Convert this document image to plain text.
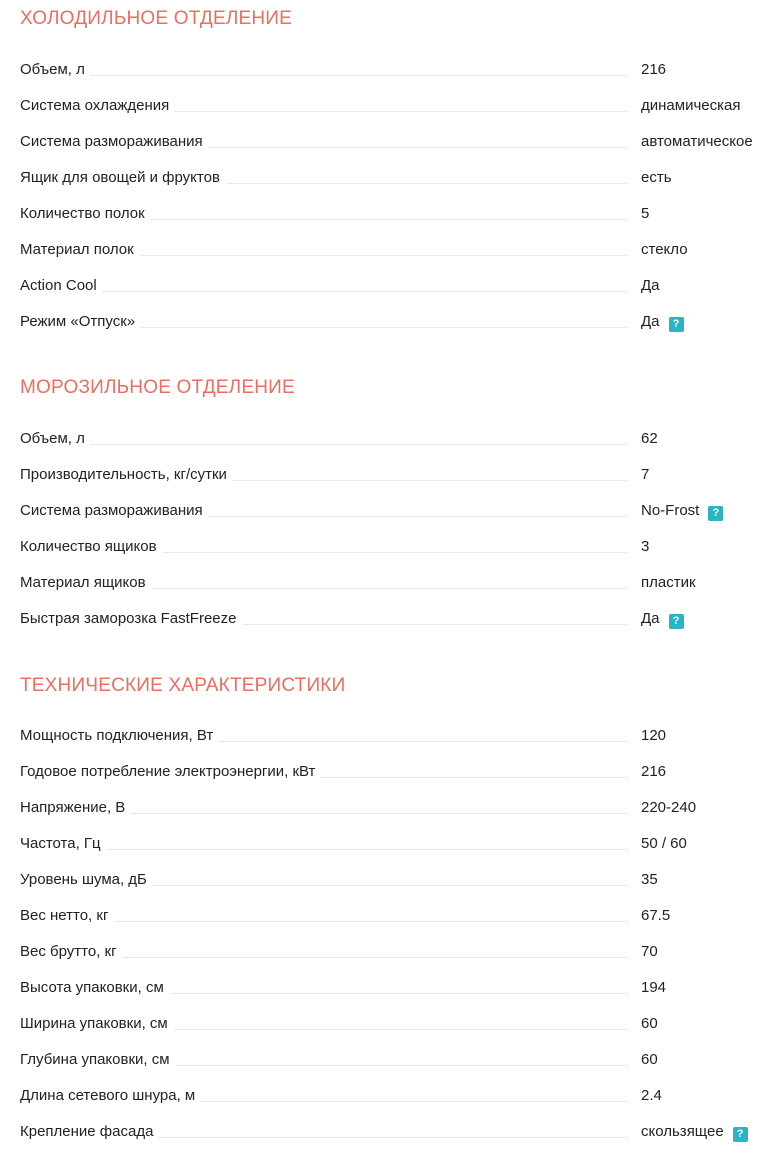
ХОЛОДИЛЬНОЕ ОТДЕЛЕНИЕ
Объем, л	216
Система охлаждения	динамическая
Система размораживания	автоматическое
Ящик для овощей и фруктов	есть
Количество полок	5
Материал полок	стекло
Action Cool	Да
Режим «Отпуск»	Да ?
МОРОЗИЛЬНОЕ ОТДЕЛЕНИЕ
Объем, л	62
Производительность, кг/сутки	7
Система размораживания	No-Frost ?
Количество ящиков	3
Материал ящиков	пластик
Быстрая заморозка FastFreeze	Да ?
ТЕХНИЧЕСКИЕ ХАРАКТЕРИСТИКИ
Мощность подключения, Вт	120
Годовое потребление электроэнергии, кВт	216
Напряжение, В	220-240
Частота, Гц	50 / 60
Уровень шума, дБ	35
Вес нетто, кг	67.5
Вес брутто, кг	70
Высота упаковки, см	194
Ширина упаковки, см	60
Глубина упаковки, см	60
Длина сетевого шнура, м	2.4
Крепление фасада	скользящее ?
